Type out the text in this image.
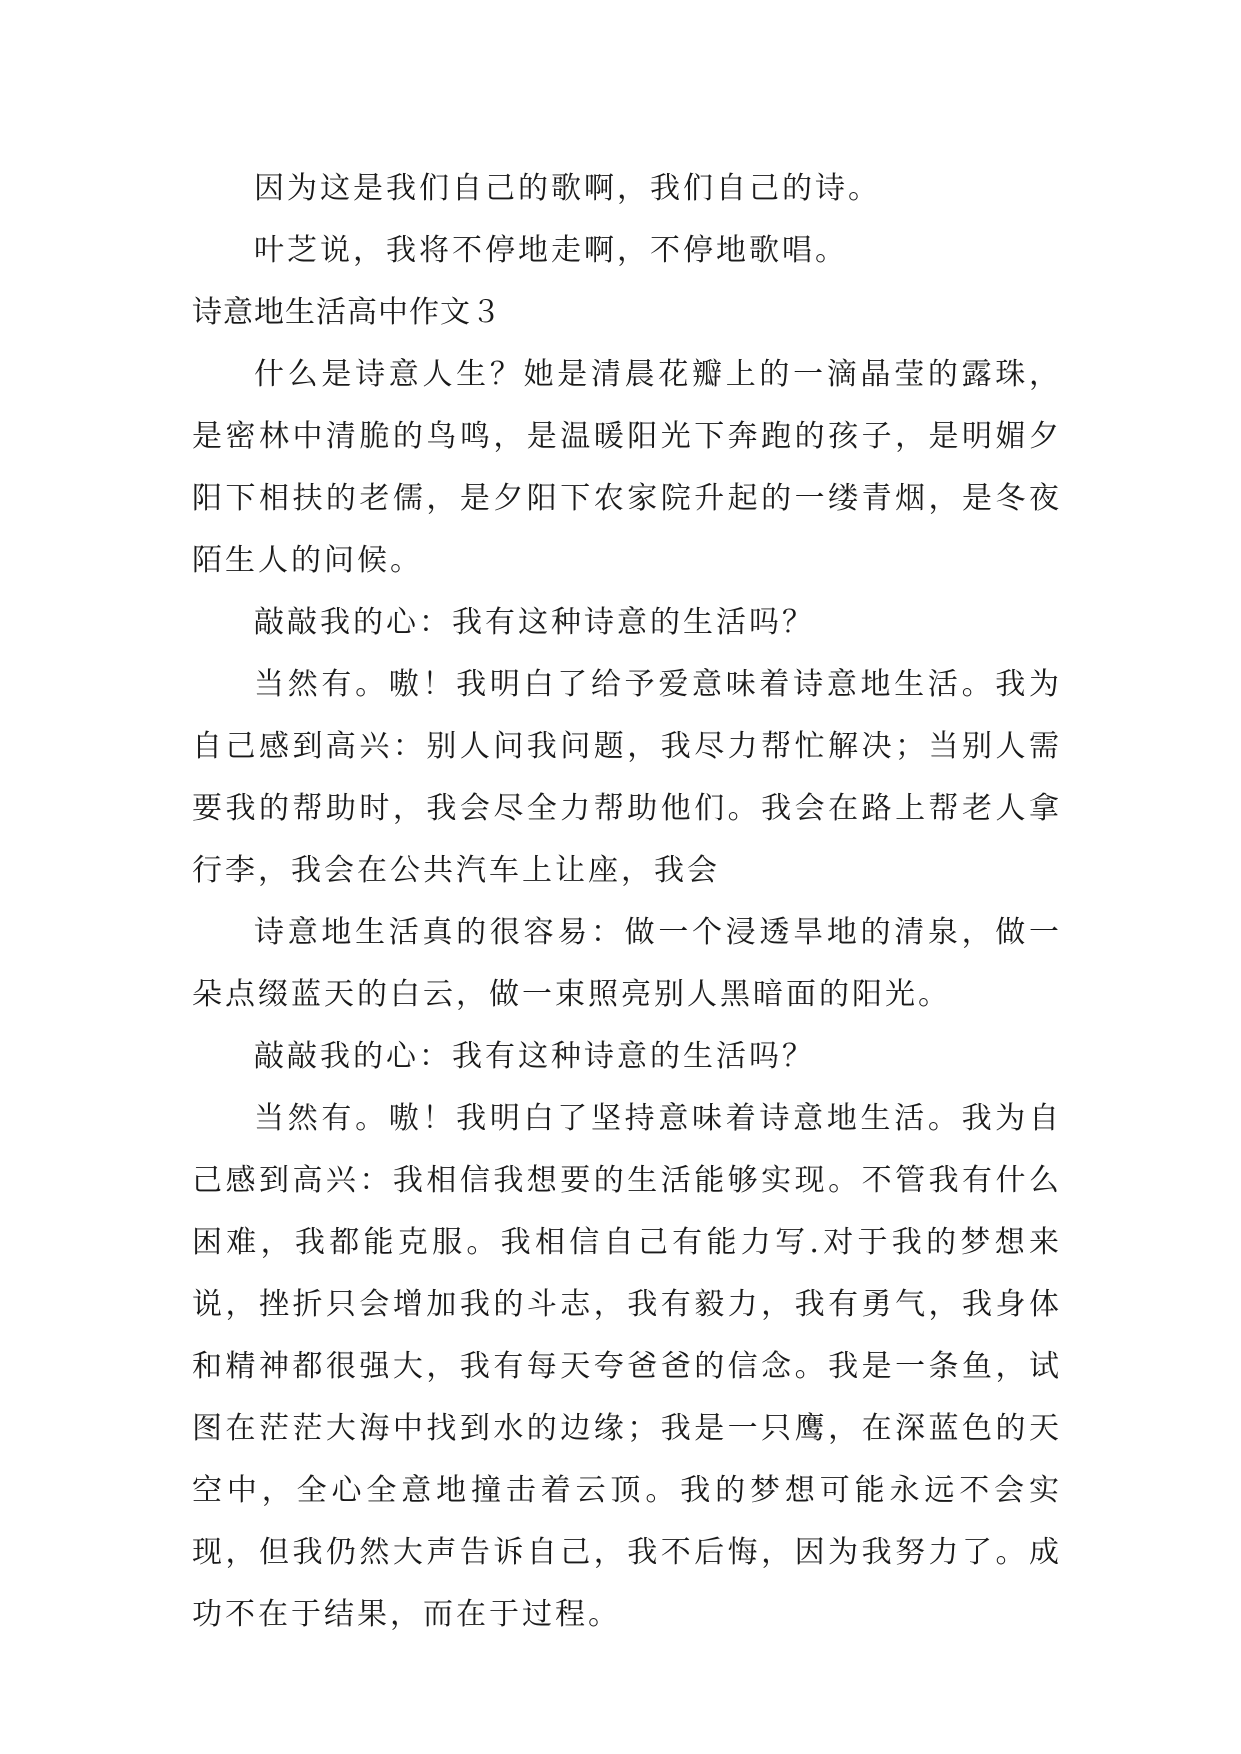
因为这是我们自己的歌啊，我们自己的诗。

叶芝说，我将不停地走啊，不停地歌唱。

诗意地生活高中作文３

什么是诗意人生？她是清晨花瓣上的一滴晶莹的露珠，是密林中清脆的鸟鸣，是温暖阳光下奔跑的孩子，是明媚夕阳下相扶的老儒，是夕阳下农家院升起的一缕青烟，是冬夜陌生人的问候。

敲敲我的心：我有这种诗意的生活吗？

当然有。嗷！我明白了给予爱意味着诗意地生活。我为自己感到高兴：别人问我问题，我尽力帮忙解决；当别人需要我的帮助时，我会尽全力帮助他们。我会在路上帮老人拿行李，我会在公共汽车上让座，我会

诗意地生活真的很容易：做一个浸透旱地的清泉，做一朵点缀蓝天的白云，做一束照亮别人黑暗面的阳光。

敲敲我的心：我有这种诗意的生活吗？

当然有。嗷！我明白了坚持意味着诗意地生活。我为自己感到高兴：我相信我想要的生活能够实现。不管我有什么困难，我都能克服。我相信自己有能力写.对于我的梦想来说，挫折只会增加我的斗志，我有毅力，我有勇气，我身体和精神都很强大，我有每天夸爸爸的信念。我是一条鱼，试图在茫茫大海中找到水的边缘；我是一只鹰，在深蓝色的天空中，全心全意地撞击着云顶。我的梦想可能永远不会实现，但我仍然大声告诉自己，我不后悔，因为我努力了。成功不在于结果，而在于过程。
